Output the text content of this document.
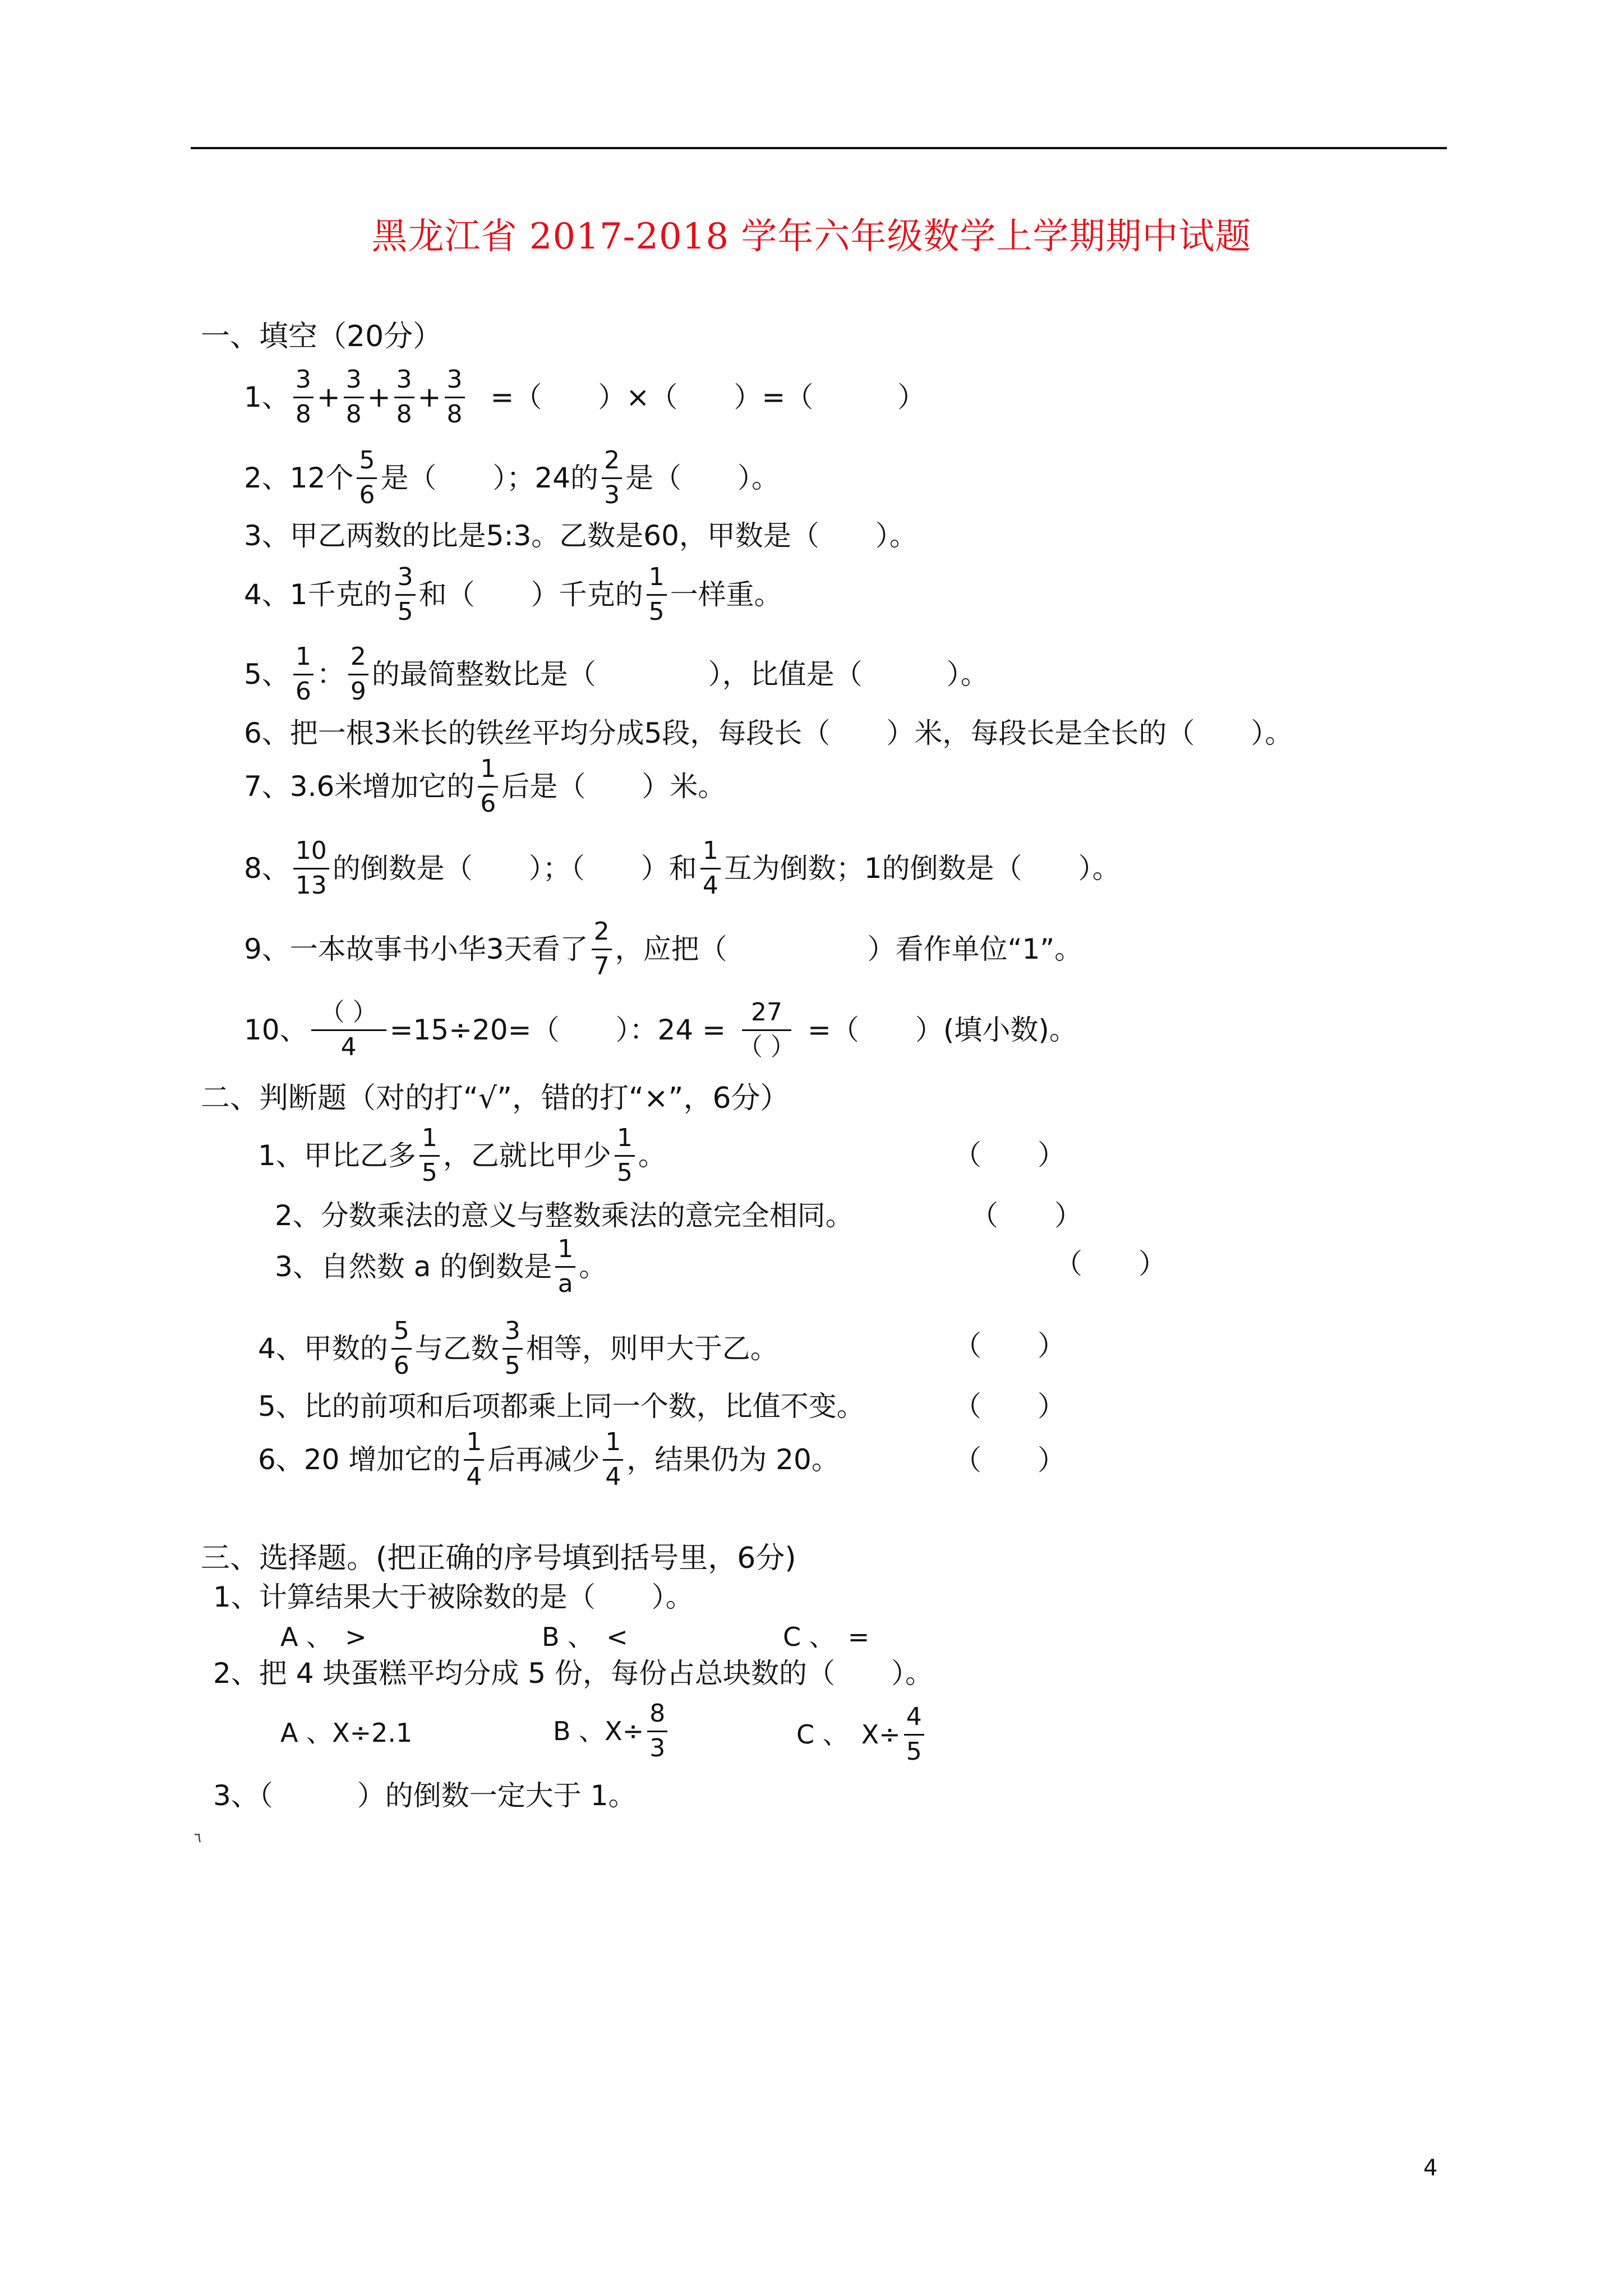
黑龙江省 2017-2018 学年六年级数学上学期期中试题
一、填空（20分）
1、 $\frac{3}{8} + \frac{3}{8} + \frac{3}{8} + \frac{3}{8}$ =（　　）×（　　）=（　　　）
2、12个 $\frac{5}{6}$ 是（　　）；24的 $\frac{2}{3}$ 是（　　）。
3、甲乙两数的比是5:3。乙数是60，甲数是（　　）。
4、1千克的 $\frac{3}{5}$ 和（　　）千克的 $\frac{1}{5}$ 一样重。
5、 $\frac{1}{6}$ ： $\frac{2}{9}$ 的最简整数比是（　　　　），比值是（　　　）。
6、把一根3米长的铁丝平均分成5段，每段长（　　）米，每段长是全长的（　　）。
7、3.6米增加它的 $\frac{1}{6}$ 后是（　　）米。
8、 $\frac{10}{13}$ 的倒数是（　　）；（　　）和 $\frac{1}{4}$ 互为倒数；1的倒数是（　　）。
9、一本故事书小华3天看了 $\frac{2}{7}$ ，应把（　　　　　）看作单位“1”。
10、 $\frac{( )}{4} =15\div 20=$（　　）：$24 = \frac{27}{( )}$ =（　　）(填小数)。
二、判断题（对的打“√”，错的打“×”，6分）
1、甲比乙多 $\frac{1}{5}$ ，乙就比甲少 $\frac{1}{5}$ 。	（　　）
2、分数乘法的意义与整数乘法的意完全相同。	（　　）
3、自然数 a 的倒数是 $\frac{1}{a}$ 。	（　　）
4、甲数的 $\frac{5}{6}$ 与乙数 $\frac{3}{5}$ 相等，则甲大于乙。	（　　）
5、比的前项和后项都乘上同一个数，比值不变。	（　　）
6、20 增加它的 $\frac{1}{4}$ 后再减少 $\frac{1}{4}$ ，结果仍为 20。	（　　）
三、选择题。(把正确的序号填到括号里，6分)
1、计算结果大于被除数的是（　　）。
A 、　>	B 、　<	C 、　=
2、把 4 块蛋糕平均分成 5 份，每份占总块数的（　　）。
A 、X÷2.1	B 、$X\div \frac{8}{3}$	C 、　$X\div \frac{4}{5}$
3、（　　　）的倒数一定大于 1。
٦
4
